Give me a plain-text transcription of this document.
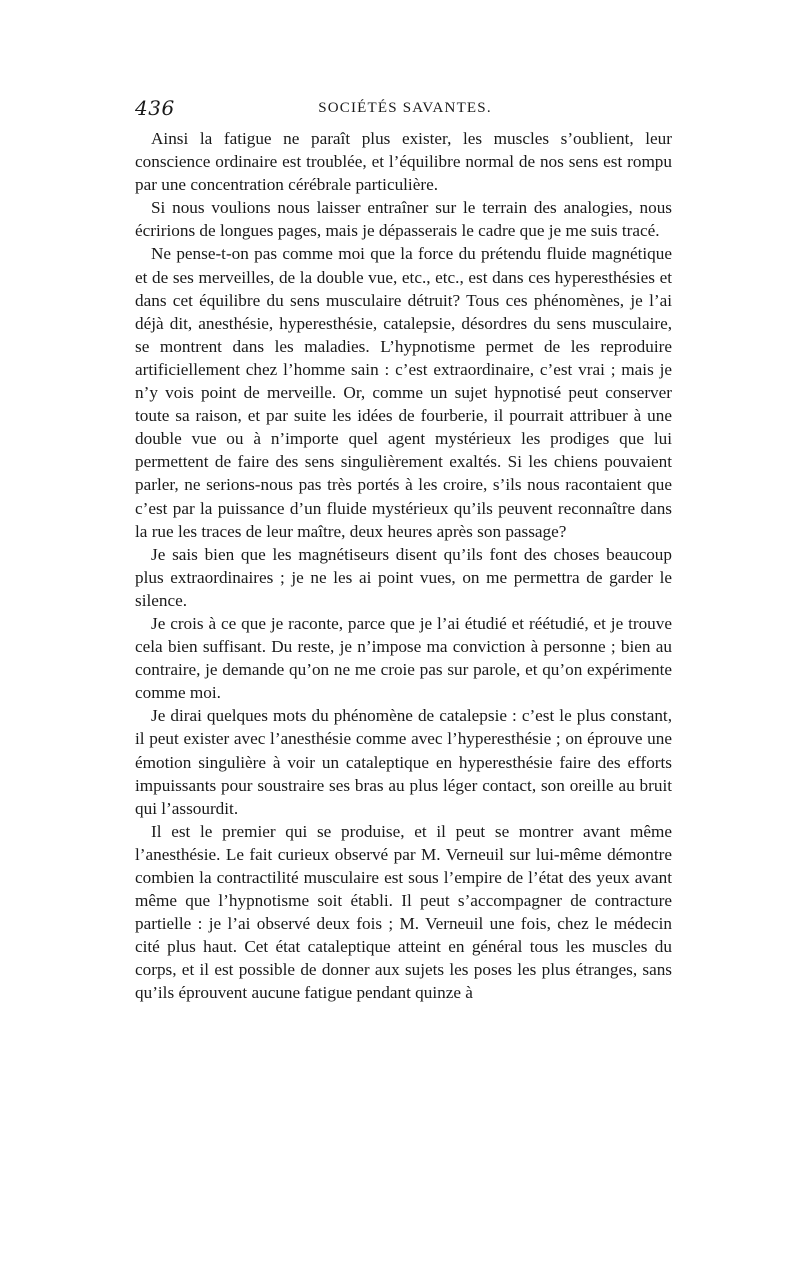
436	SOCIÉTÉS SAVANTES.

Ainsi la fatigue ne paraît plus exister, les muscles s’oublient, leur conscience ordinaire est troublée, et l’équilibre normal de nos sens est rompu par une concentration cérébrale particulière.

Si nous voulions nous laisser entraîner sur le terrain des analogies, nous écririons de longues pages, mais je dépasserais le cadre que je me suis tracé.

Ne pense-t-on pas comme moi que la force du prétendu fluide magnétique et de ses merveilles, de la double vue, etc., etc., est dans ces hyperesthésies et dans cet équilibre du sens musculaire détruit? Tous ces phénomènes, je l’ai déjà dit, anesthésie, hyperesthésie, catalepsie, désordres du sens musculaire, se montrent dans les maladies. L’hypnotisme permet de les reproduire artificiellement chez l’homme sain : c’est extraordinaire, c’est vrai ; mais je n’y vois point de merveille. Or, comme un sujet hypnotisé peut conserver toute sa raison, et par suite les idées de fourberie, il pourrait attribuer à une double vue ou à n’importe quel agent mystérieux les prodiges que lui permettent de faire des sens singulièrement exaltés. Si les chiens pouvaient parler, ne serions-nous pas très portés à les croire, s’ils nous racontaient que c’est par la puissance d’un fluide mystérieux qu’ils peuvent reconnaître dans la rue les traces de leur maître, deux heures après son passage?

Je sais bien que les magnétiseurs disent qu’ils font des choses beaucoup plus extraordinaires ; je ne les ai point vues, on me permettra de garder le silence.

Je crois à ce que je raconte, parce que je l’ai étudié et réétudié, et je trouve cela bien suffisant. Du reste, je n’impose ma conviction à personne ; bien au contraire, je demande qu’on ne me croie pas sur parole, et qu’on expérimente comme moi.

Je dirai quelques mots du phénomène de catalepsie : c’est le plus constant, il peut exister avec l’anesthésie comme avec l’hyperesthésie ; on éprouve une émotion singulière à voir un cataleptique en hyperesthésie faire des efforts impuissants pour soustraire ses bras au plus léger contact, son oreille au bruit qui l’assourdit.

Il est le premier qui se produise, et il peut se montrer avant même l’anesthésie. Le fait curieux observé par M. Verneuil sur lui-même démontre combien la contractilité musculaire est sous l’empire de l’état des yeux avant même que l’hypnotisme soit établi. Il peut s’accompagner de contracture partielle : je l’ai observé deux fois ; M. Verneuil une fois, chez le médecin cité plus haut. Cet état cataleptique atteint en général tous les muscles du corps, et il est possible de donner aux sujets les poses les plus étranges, sans qu’ils éprouvent aucune fatigue pendant quinze à
